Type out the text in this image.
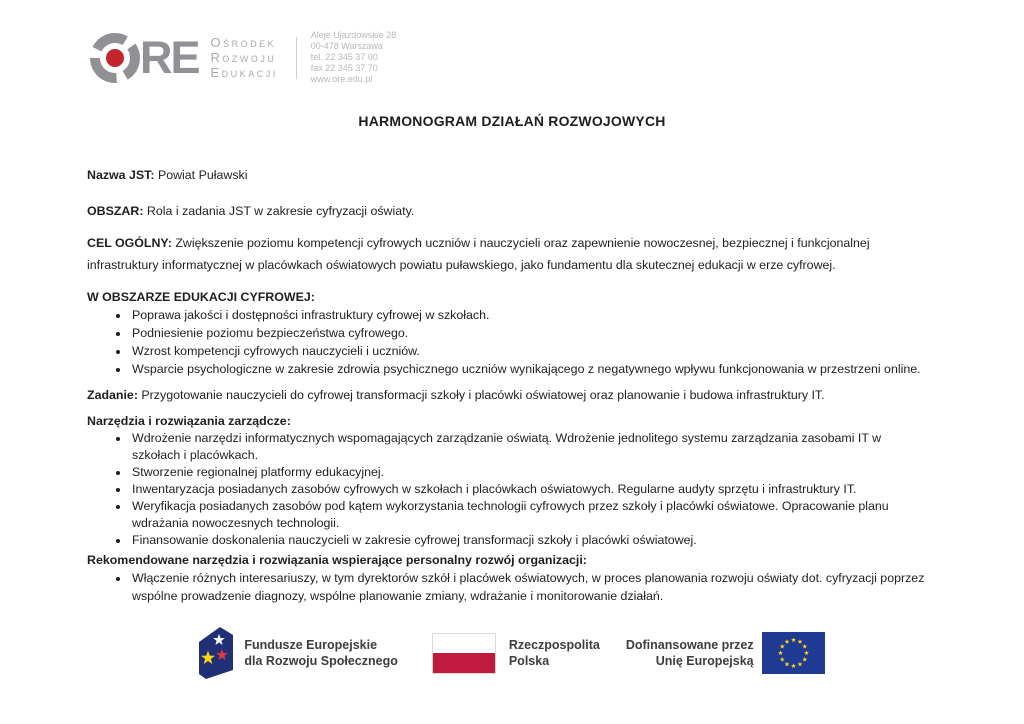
RE Ośrodek
Rozwoju
Edukacji
Aleje Ujazdowskie 28
00-478 Warszawa
tel. 22 345 37 00
fax 22 345 37 70
www.ore.edu.pl
HARMONOGRAM DZIAŁAŃ ROZWOJOWYCH

Nazwa JST: Powiat Puławski

OBSZAR: Rola i zadania JST w zakresie cyfryzacji oświaty.

CEL OGÓLNY: Zwiększenie poziomu kompetencji cyfrowych uczniów i nauczycieli oraz zapewnienie nowoczesnej, bezpiecznej i funkcjonalnej infrastruktury informatycznej w placówkach oświatowych powiatu puławskiego, jako fundamentu dla skutecznej edukacji w erze cyfrowej.

W OBSZARZE EDUKACJI CYFROWEJ:

• Poprawa jakości i dostępności infrastruktury cyfrowej w szkołach.
• Podniesienie poziomu bezpieczeństwa cyfrowego.
• Wzrost kompetencji cyfrowych nauczycieli i uczniów.
• Wsparcie psychologiczne w zakresie zdrowia psychicznego uczniów wynikającego z negatywnego wpływu funkcjonowania w przestrzeni online.

Zadanie: Przygotowanie nauczycieli do cyfrowej transformacji szkoły i placówki oświatowej oraz planowanie i budowa infrastruktury IT.

Narzędzia i rozwiązania zarządcze:

• Wdrożenie narzędzi informatycznych wspomagających zarządzanie oświatą. Wdrożenie jednolitego systemu zarządzania zasobami IT w szkołach i placówkach.
• Stworzenie regionalnej platformy edukacyjnej.
• Inwentaryzacja posiadanych zasobów cyfrowych w szkołach i placówkach oświatowych. Regularne audyty sprzętu i infrastruktury IT.
• Weryfikacja posiadanych zasobów pod kątem wykorzystania technologii cyfrowych przez szkoły i placówki oświatowe. Opracowanie planu wdrażania nowoczesnych technologii.
• Finansowanie doskonalenia nauczycieli w zakresie cyfrowej transformacji szkoły i placówki oświatowej.

Rekomendowane narzędzia i rozwiązania wspierające personalny rozwój organizacji:

• Włączenie różnych interesariuszy, w tym dyrektorów szkół i placówek oświatowych, w proces planowania rozwoju oświaty dot. cyfryzacji poprzez wspólne prowadzenie diagnozy, wspólne planowanie zmiany, wdrażanie i monitorowanie działań.
Fundusze Europejskie
dla Rozwoju Społecznego
Rzeczpospolita
Polska
Dofinansowane przez
Unię Europejską
